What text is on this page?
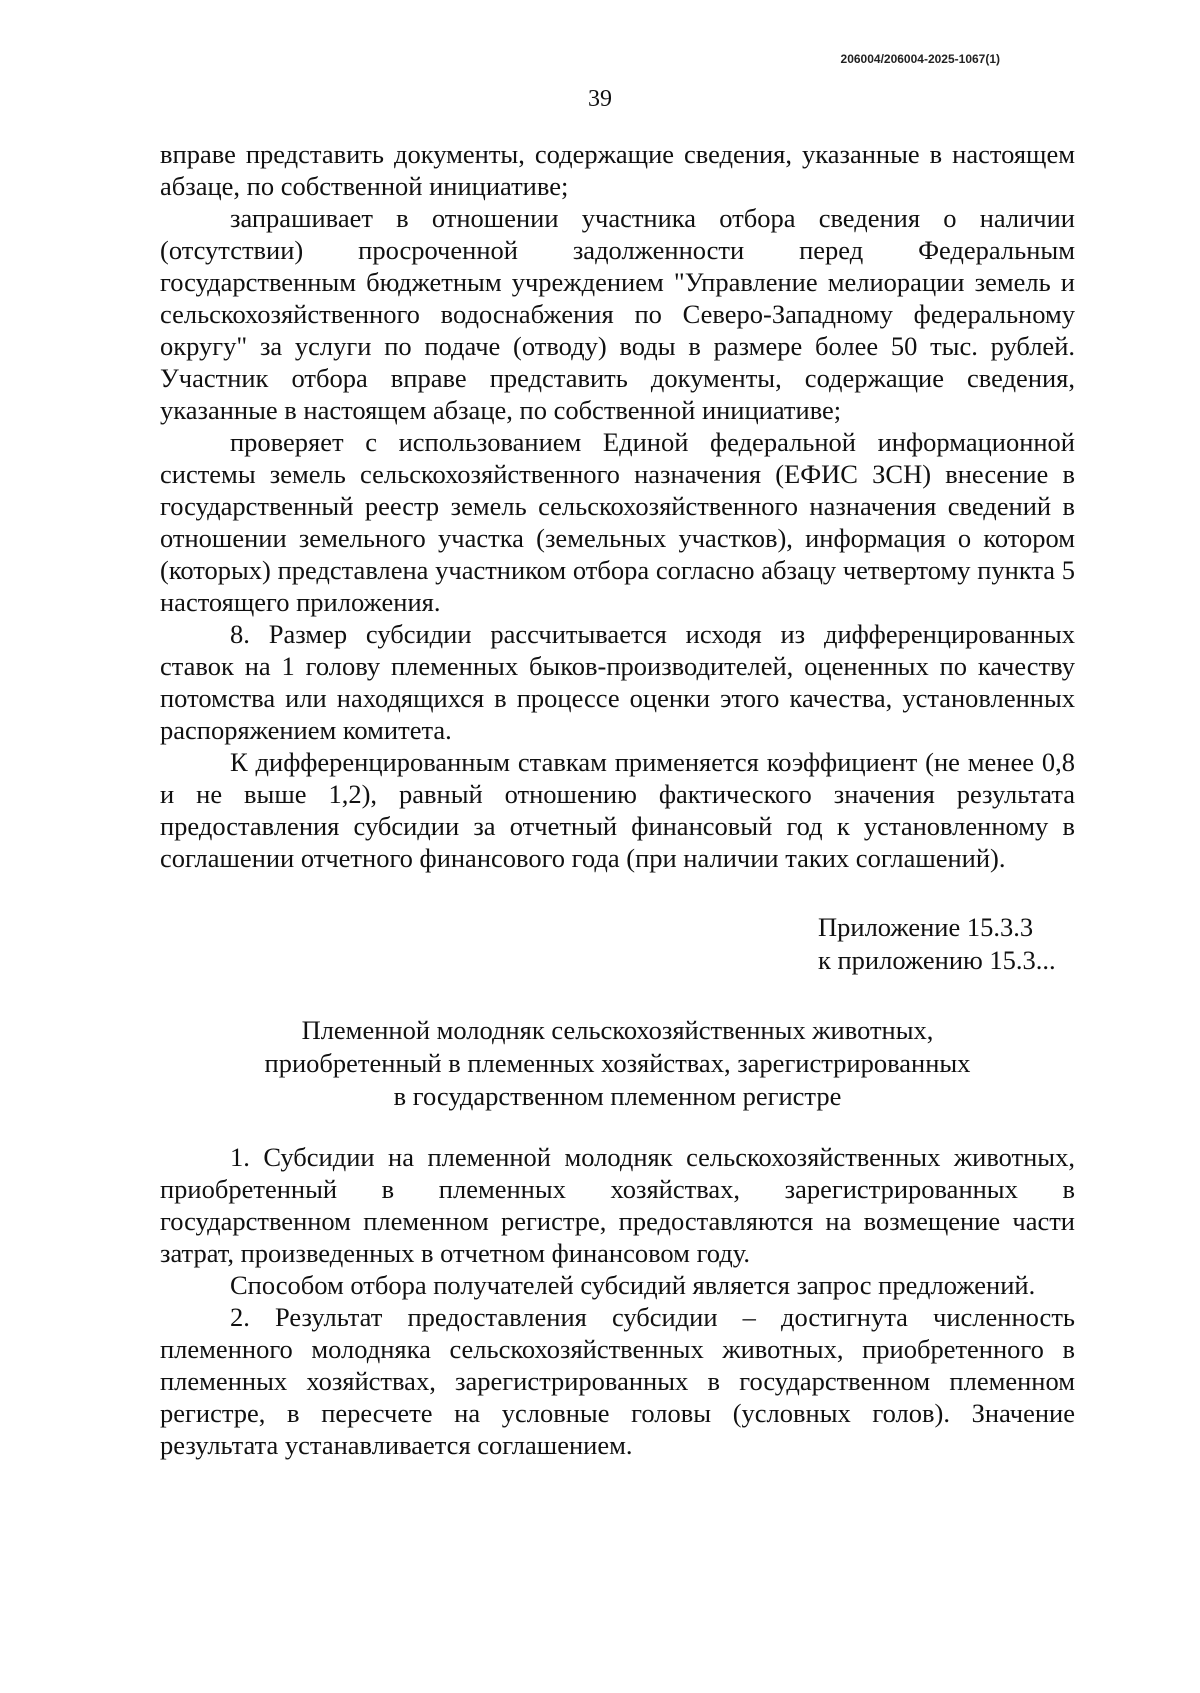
206004/206004-2025-1067(1)
39

вправе представить документы, содержащие сведения, указанные в настоящем абзаце, по собственной инициативе;

запрашивает в отношении участника отбора сведения о наличии (отсутствии) просроченной задолженности перед Федеральным государственным бюджетным учреждением "Управление мелиорации земель и сельскохозяйственного водоснабжения по Северо-Западному федеральному округу" за услуги по подаче (отводу) воды в размере более 50 тыс. рублей. Участник отбора вправе представить документы, содержащие сведения, указанные в настоящем абзаце, по собственной инициативе;

проверяет с использованием Единой федеральной информационной системы земель сельскохозяйственного назначения (ЕФИС ЗСН) внесение в государственный реестр земель сельскохозяйственного назначения сведений в отношении земельного участка (земельных участков), информация о котором (которых) представлена участником отбора согласно абзацу четвертому пункта 5 настоящего приложения.

8. Размер субсидии рассчитывается исходя из дифференцированных ставок на 1 голову племенных быков-производителей, оцененных по качеству потомства или находящихся в процессе оценки этого качества, установленных распоряжением комитета.

К дифференцированным ставкам применяется коэффициент (не менее 0,8 и не выше 1,2), равный отношению фактического значения результата предоставления субсидии за отчетный финансовый год к установленному в соглашении отчетного финансового года (при наличии таких соглашений).

Приложение 15.3.3
к приложению 15.3...
Племенной молодняк сельскохозяйственных животных,
приобретенный в племенных хозяйствах, зарегистрированных
в государственном племенном регистре

1. Субсидии на племенной молодняк сельскохозяйственных животных, приобретенный в племенных хозяйствах, зарегистрированных в государственном племенном регистре, предоставляются на возмещение части затрат, произведенных в отчетном финансовом году.

Способом отбора получателей субсидий является запрос предложений.

2. Результат предоставления субсидии – достигнута численность племенного молодняка сельскохозяйственных животных, приобретенного в племенных хозяйствах, зарегистрированных в государственном племенном регистре, в пересчете на условные головы (условных голов). Значение результата устанавливается соглашением.
